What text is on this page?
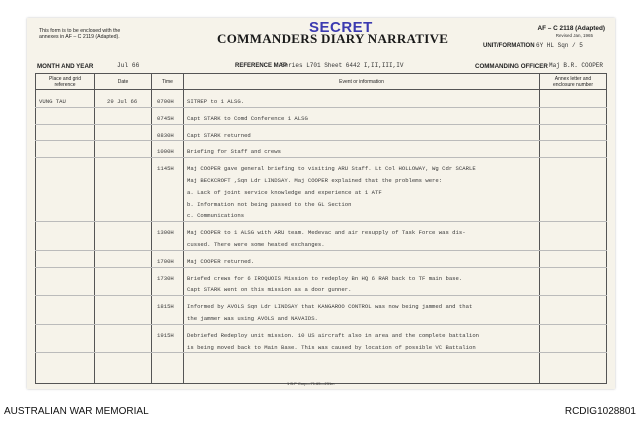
This form is to be enclosed with the
annexes in AF – C 2119 (Adapted).
SECRET
COMMANDERS DIARY NARRATIVE
AF – C 2118 (Adapted)
Revised Jan, 1965
UNIT/FORMATION 6Y HL Sqn / 5
MONTH AND YEAR	Jul 66	REFERENCE MAP
Series L701 Sheet 6442 I,II,III,IV	COMMANDING OFFICER Maj B.R. COOPER
Place and grid
reference	Date	Time	Event or information	Annex letter and
enclosure number
1 B.P Corp—71.65—231m
VUNG TAU	29 Jul 66	0700H SITREP to 1 ALSG.
0745H Capt STARK to Comd Conference 1 ALSG
0830H Capt STARK returned
1000H Briefing for Staff and crews
1145H Maj COOPER gave general briefing to visiting ARU Staff. Lt Col HOLLOWAY, Wg Cdr SCARLE
Maj BECKCROFT ,Sqn Ldr LINDSAY. Maj COOPER explained that the problems were:
a. Lack of joint service knowledge and experience at 1 ATF
b. Information not being passed to the GL Section
c. Communications
1300H Maj COOPER to 1 ALSG with ARU team. Medevac and air resupply of Task Force was dis-
cussed. There were some heated exchanges.
1700H Maj COOPER returned.
1730H Briefed crews for 6 IROQUOIS Mission to redeploy Bn HQ 6 RAR back to TF main base.
Capt STARK went on this mission as a door gunner.
1815H Informed by AVOLS Sqn Ldr LINDSAY that KANGAROO CONTROL was now being jammed and that
the jammer was using AVOLS and NAVAIDS.
1915H Debriefed Redeploy unit mission. 10 US aircraft also in area and the complete battalion
is being moved back to Main Base. This was caused by location of possible VC Battalion
AUSTRALIAN WAR MEMORIAL	RCDIG1028801
